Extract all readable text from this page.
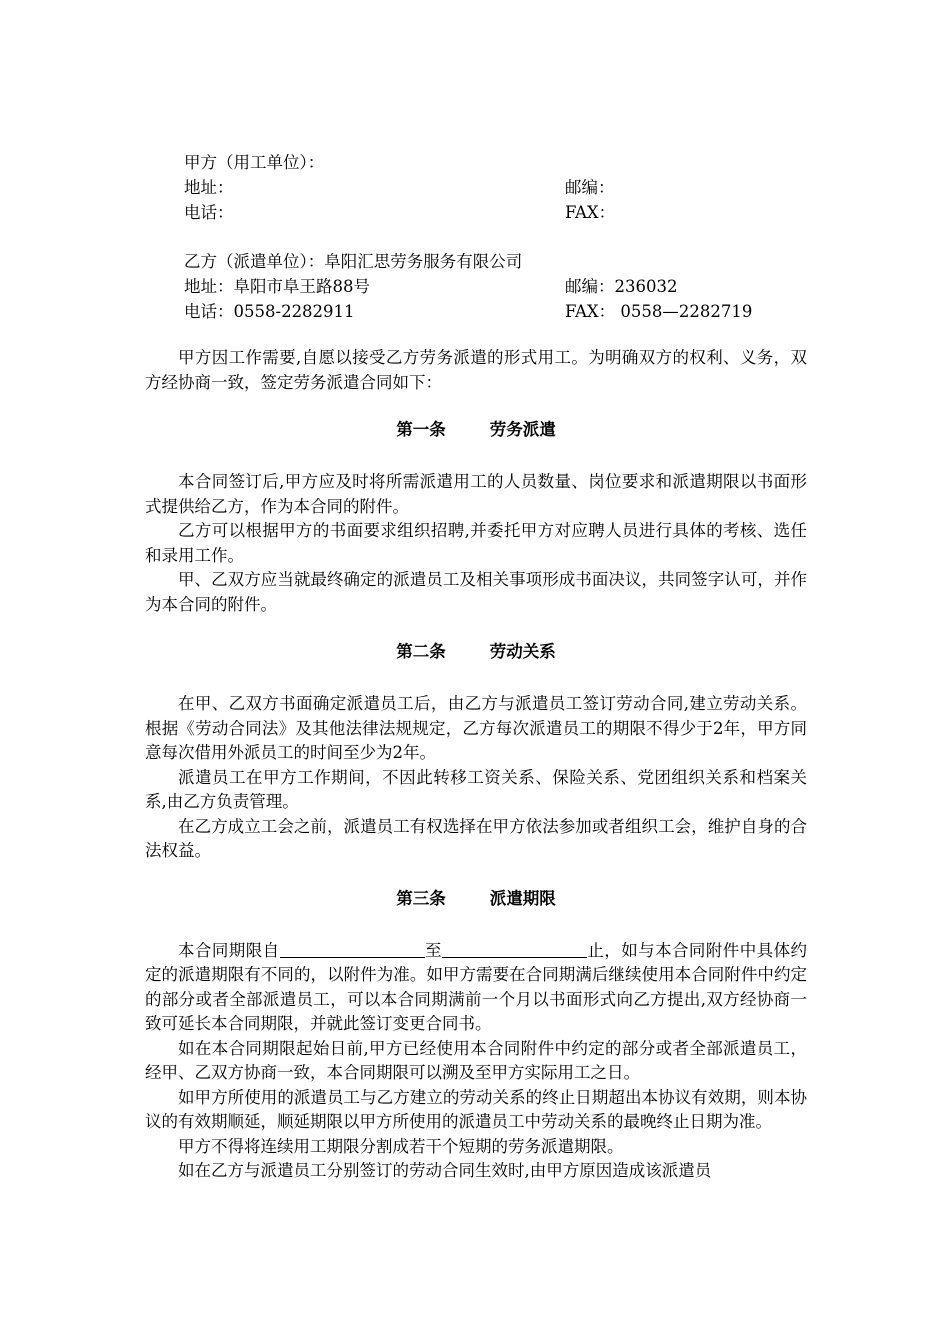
甲方（用工单位）：
地址：	邮编：
电话：	FAX：
乙方（派遣单位）：阜阳汇思劳务服务有限公司
地址：阜阳市阜王路88号	邮编：236032
电话：0558-2282911	FAX： 0558—2282719

甲方因工作需要,自愿以接受乙方劳务派遣的形式用工。为明确双方的权利、义务，双方经协商一致，签定劳务派遣合同如下：

第一条	劳务派遣

本合同签订后,甲方应及时将所需派遣用工的人员数量、岗位要求和派遣期限以书面形式提供给乙方，作为本合同的附件。

乙方可以根据甲方的书面要求组织招聘,并委托甲方对应聘人员进行具体的考核、选任和录用工作。

甲、乙双方应当就最终确定的派遣员工及相关事项形成书面决议，共同签字认可，并作为本合同的附件。

第二条	劳动关系

在甲、乙双方书面确定派遣员工后，由乙方与派遣员工签订劳动合同,建立劳动关系。根据《劳动合同法》及其他法律法规规定，乙方每次派遣员工的期限不得少于2年，甲方同意每次借用外派员工的时间至少为2年。

派遣员工在甲方工作期间，不因此转移工资关系、保险关系、党团组织关系和档案关系,由乙方负责管理。

在乙方成立工会之前，派遣员工有权选择在甲方依法参加或者组织工会，维护自身的合法权益。

第三条	派遣期限

本合同期限自	至	止，如与本合同附件中具体约定的派遣期限有不同的，以附件为准。如甲方需要在合同期满后继续使用本合同附件中约定的部分或者全部派遣员工，可以本合同期满前一个月以书面形式向乙方提出,双方经协商一致可延长本合同期限，并就此签订变更合同书。

如在本合同期限起始日前,甲方已经使用本合同附件中约定的部分或者全部派遣员工，经甲、乙双方协商一致，本合同期限可以溯及至甲方实际用工之日。

如甲方所使用的派遣员工与乙方建立的劳动关系的终止日期超出本协议有效期，则本协议的有效期顺延，顺延期限以甲方所使用的派遣员工中劳动关系的最晚终止日期为准。

甲方不得将连续用工期限分割成若干个短期的劳务派遣期限。

如在乙方与派遣员工分别签订的劳动合同生效时,由甲方原因造成该派遣员
